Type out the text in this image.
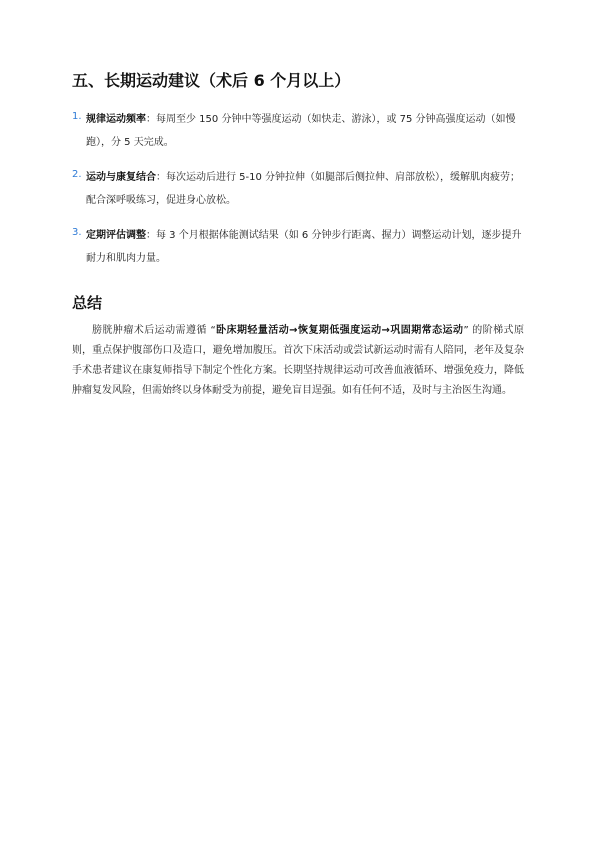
五、长期运动建议（术后 6 个月以上）
1. 规律运动频率：每周至少 150 分钟中等强度运动（如快走、游泳），或 75 分钟高强度运动（如慢跑），分 5 天完成。
2. 运动与康复结合：每次运动后进行 5-10 分钟拉伸（如腿部后侧拉伸、肩部放松），缓解肌肉疲劳；配合深呼吸练习，促进身心放松。
3. 定期评估调整：每 3 个月根据体能测试结果（如 6 分钟步行距离、握力）调整运动计划，逐步提升耐力和肌肉力量。
总结

膀胱肿瘤术后运动需遵循 “卧床期轻量活动→恢复期低强度运动→巩固期常态运动” 的阶梯式原则，重点保护腹部伤口及造口，避免增加腹压。首次下床活动或尝试新运动时需有人陪同，老年及复杂手术患者建议在康复师指导下制定个性化方案。长期坚持规律运动可改善血液循环、增强免疫力，降低肿瘤复发风险，但需始终以身体耐受为前提，避免盲目逞强。如有任何不适，及时与主治医生沟通。
